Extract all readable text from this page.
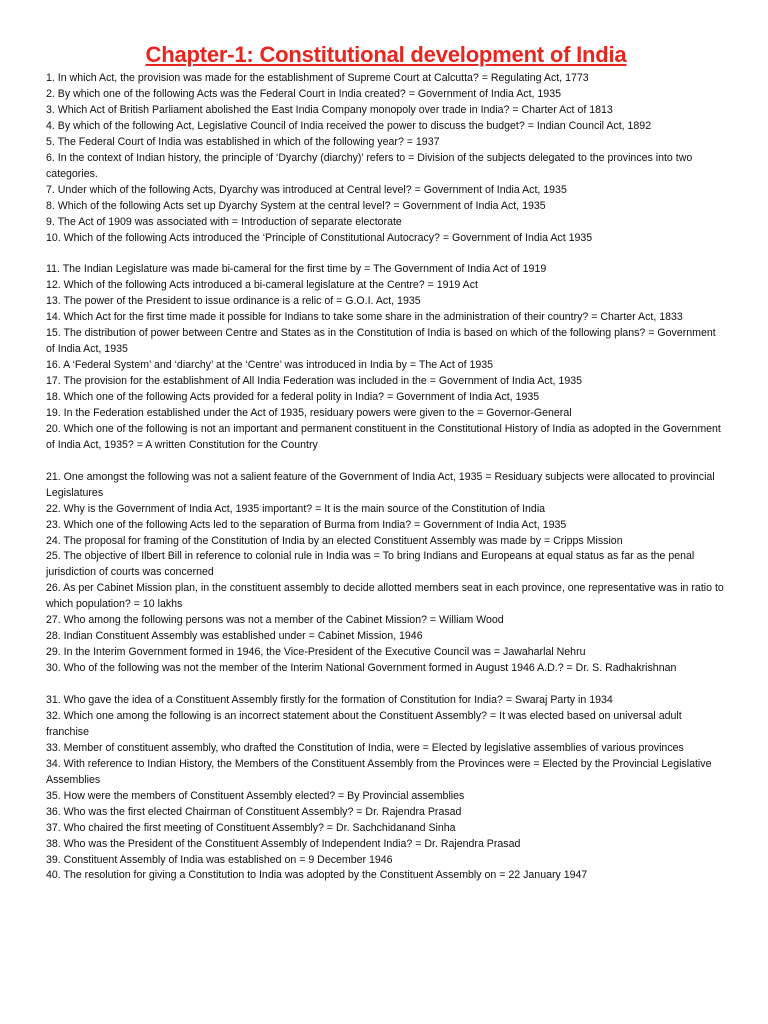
Chapter-1: Constitutional development of India

1. In which Act, the provision was made for the establishment of Supreme Court at Calcutta? = Regulating Act, 1773

2. By which one of the following Acts was the Federal Court in India created? = Government of India Act, 1935

3. Which Act of British Parliament abolished the East India Company monopoly over trade in India? = Charter Act of 1813

4. By which of the following Act, Legislative Council of India received the power to discuss the budget? = Indian Council Act, 1892

5. The Federal Court of India was established in which of the following year? = 1937

6. In the context of Indian history, the principle of ‘Dyarchy (diarchy)’ refers to = Division of the subjects delegated to the provinces into two categories.

7. Under which of the following Acts, Dyarchy was introduced at Central level? = Government of India Act, 1935

8. Which of the following Acts set up Dyarchy System at the central level? = Government of India Act, 1935

9. The Act of 1909 was associated with = Introduction of separate electorate

10. Which of the following Acts introduced the ‘Principle of Constitutional Autocracy? = Government of India Act 1935

11. The Indian Legislature was made bi-cameral for the first time by = The Government of India Act of 1919

12. Which of the following Acts introduced a bi-cameral legislature at the Centre? = 1919 Act

13. The power of the President to issue ordinance is a relic of = G.O.I. Act, 1935

14. Which Act for the first time made it possible for Indians to take some share in the administration of their country? = Charter Act, 1833

15. The distribution of power between Centre and States as in the Constitution of India is based on which of the following plans? = Government of India Act, 1935

16. A ‘Federal System’ and ‘diarchy’ at the ‘Centre’ was introduced in India by = The Act of 1935

17. The provision for the establishment of All India Federation was included in the = Government of India Act, 1935

18. Which one of the following Acts provided for a federal polity in India? = Government of India Act, 1935

19. In the Federation established under the Act of 1935, residuary powers were given to the = Governor-General

20. Which one of the following is not an important and permanent constituent in the Constitutional History of India as adopted in the Government of India Act, 1935? = A written Constitution for the Country

21. One amongst the following was not a salient feature of the Government of India Act, 1935 = Residuary subjects were allocated to provincial Legislatures

22. Why is the Government of India Act, 1935 important? = It is the main source of the Constitution of India

23. Which one of the following Acts led to the separation of Burma from India? = Government of India Act, 1935

24. The proposal for framing of the Constitution of India by an elected Constituent Assembly was made by = Cripps Mission

25. The objective of Ilbert Bill in reference to colonial rule in India was = To bring Indians and Europeans at equal status as far as the penal jurisdiction of courts was concerned

26. As per Cabinet Mission plan, in the constituent assembly to decide allotted members seat in each province, one representative was in ratio to which population? = 10 lakhs

27. Who among the following persons was not a member of the Cabinet Mission? = William Wood

28. Indian Constituent Assembly was established under = Cabinet Mission, 1946

29. In the Interim Government formed in 1946, the Vice-President of the Executive Council was = Jawaharlal Nehru

30. Who of the following was not the member of the Interim National Government formed in August 1946 A.D.? = Dr. S. Radhakrishnan

31. Who gave the idea of a Constituent Assembly firstly for the formation of Constitution for India? = Swaraj Party in 1934

32. Which one among the following is an incorrect statement about the Constituent Assembly? = It was elected based on universal adult franchise

33. Member of constituent assembly, who drafted the Constitution of India, were = Elected by legislative assemblies of various provinces

34. With reference to Indian History, the Members of the Constituent Assembly from the Provinces were = Elected by the Provincial Legislative Assemblies

35. How were the members of Constituent Assembly elected? = By Provincial assemblies

36. Who was the first elected Chairman of Constituent Assembly? = Dr. Rajendra Prasad

37. Who chaired the first meeting of Constituent Assembly? = Dr. Sachchidanand Sinha

38. Who was the President of the Constituent Assembly of Independent India? = Dr. Rajendra Prasad

39. Constituent Assembly of India was established on = 9 December 1946

40. The resolution for giving a Constitution to India was adopted by the Constituent Assembly on = 22 January 1947
